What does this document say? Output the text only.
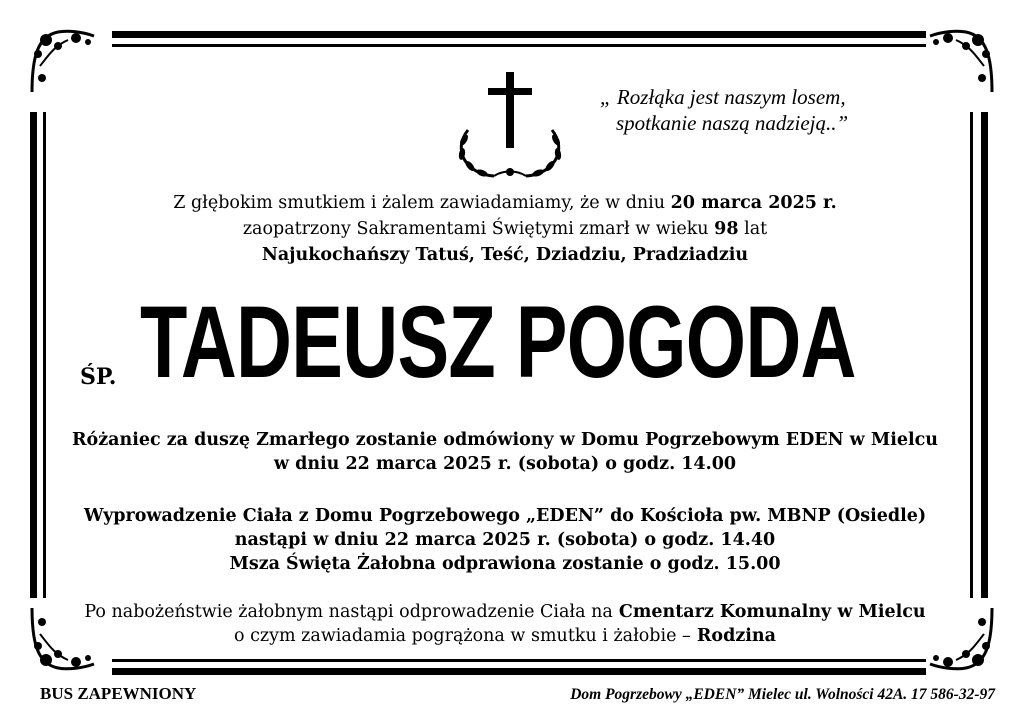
„ Rozłąka jest naszym losem,
spotkanie naszą nadzieją..”
Z głębokim smutkiem i żalem zawiadamiamy, że w dniu 20 marca 2025 r.
zaopatrzony Sakramentami Świętymi zmarł w wieku 98 lat
Najukochańszy Tatuś, Teść, Dziadziu, Pradziadziu
ŚP. TADEUSZ POGODA
Różaniec za duszę Zmarłego zostanie odmówiony w Domu Pogrzebowym EDEN w Mielcu
w dniu 22 marca 2025 r. (sobota) o godz. 14.00
Wyprowadzenie Ciała z Domu Pogrzebowego „EDEN” do Kościoła pw. MBNP (Osiedle)
nastąpi w dniu 22 marca 2025 r. (sobota) o godz. 14.40
Msza Święta Żałobna odprawiona zostanie o godz. 15.00
Po nabożeństwie żałobnym nastąpi odprowadzenie Ciała na Cmentarz Komunalny w Mielcu
o czym zawiadamia pogrążona w smutku i żałobie – Rodzina
BUS ZAPEWNIONY	Dom Pogrzebowy „EDEN” Mielec ul. Wolności 42A. 17 586-32-97
